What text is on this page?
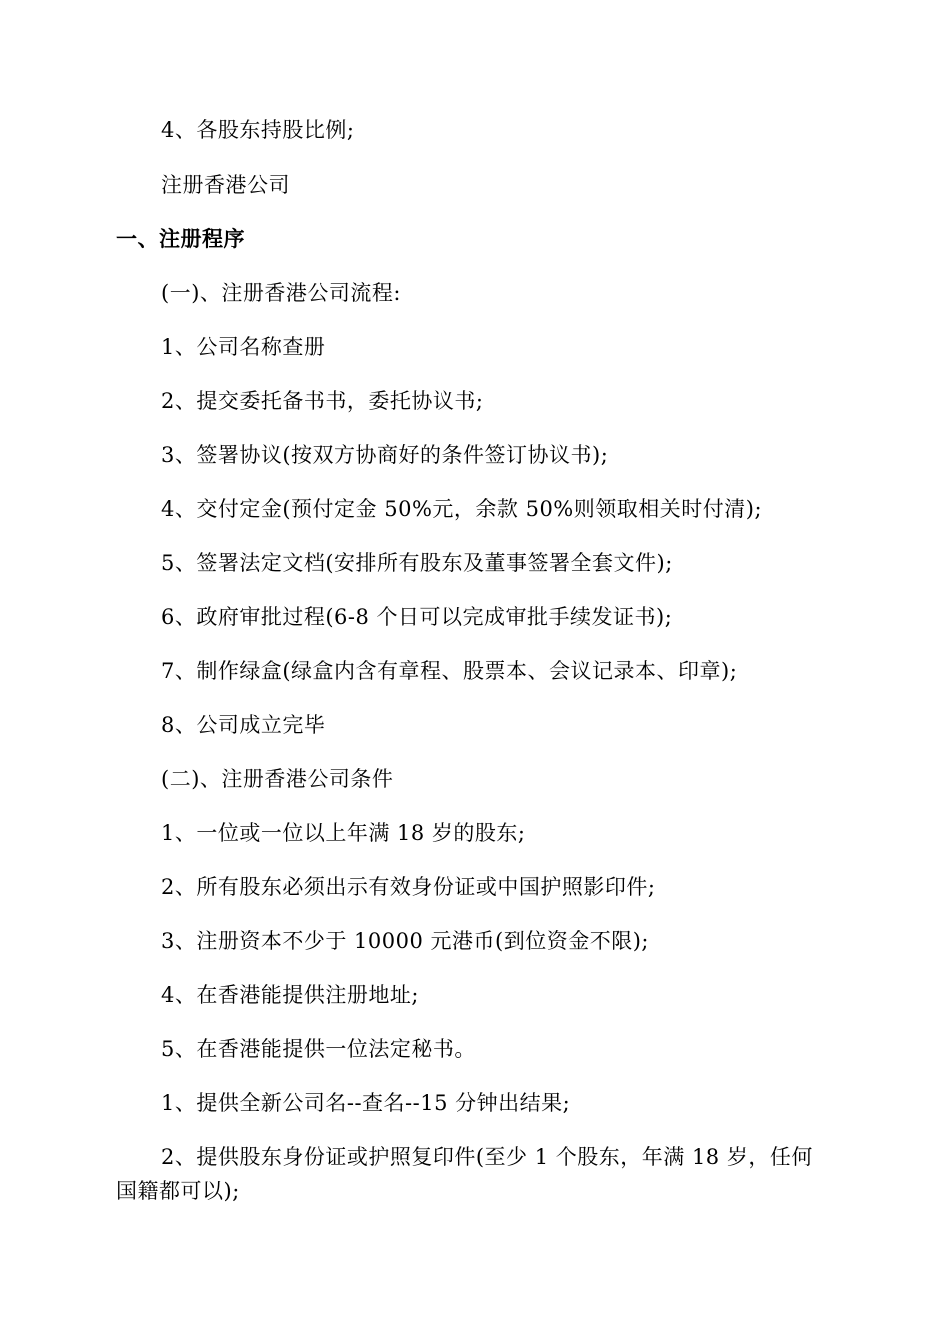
4、各股东持股比例;
注册香港公司
一、注册程序
(一)、注册香港公司流程:
1、公司名称查册
2、提交委托备书书，委托协议书;
3、签署协议(按双方协商好的条件签订协议书);
4、交付定金(预付定金 50%元，余款 50%则领取相关时付清);
5、签署法定文档(安排所有股东及董事签署全套文件);
6、政府审批过程(6-8 个日可以完成审批手续发证书);
7、制作绿盒(绿盒内含有章程、股票本、会议记录本、印章);
8、公司成立完毕
(二)、注册香港公司条件
1、一位或一位以上年满 18 岁的股东;
2、所有股东必须出示有效身份证或中国护照影印件;
3、注册资本不少于 10000 元港币(到位资金不限);
4、在香港能提供注册地址;
5、在香港能提供一位法定秘书。
1、提供全新公司名--查名--15 分钟出结果;
2、提供股东身份证或护照复印件(至少 1 个股东，年满 18 岁，任何国籍都可以);
